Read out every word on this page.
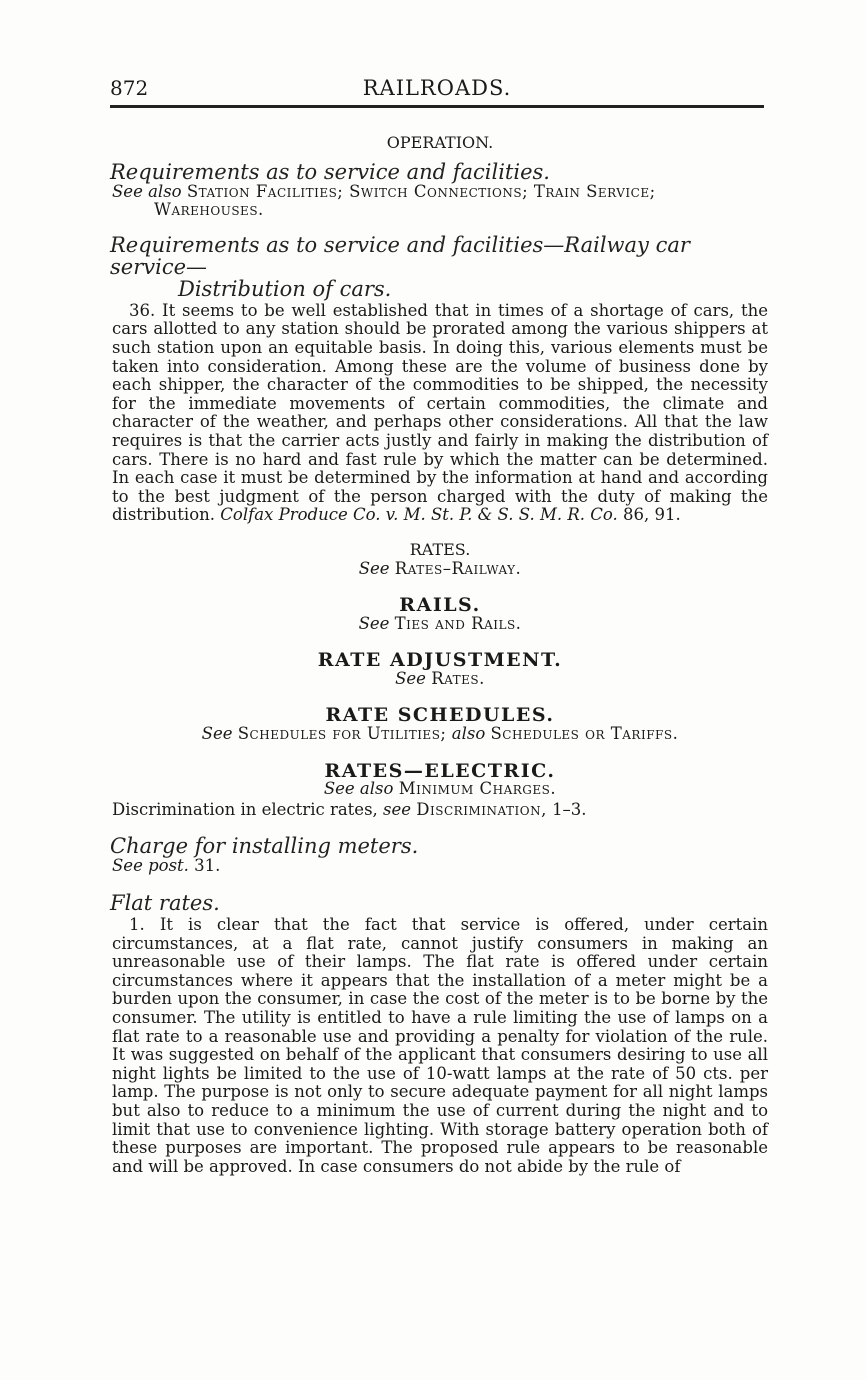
872	RAILROADS.

OPERATION.

Requirements as to service and facilities.

See also Station Facilities; Switch Connections; Train Service; Warehouses.

Requirements as to service and facilities—Railway car service—

Distribution of cars.

36. It seems to be well established that in times of a shortage of cars, the cars allotted to any station should be prorated among the various shippers at such station upon an equitable basis. In doing this, various elements must be taken into consideration. Among these are the volume of business done by each shipper, the character of the commodities to be shipped, the necessity for the immediate movements of certain commodities, the climate and character of the weather, and perhaps other considerations. All that the law requires is that the carrier acts justly and fairly in making the distribution of cars. There is no hard and fast rule by which the matter can be determined. In each case it must be determined by the information at hand and according to the best judgment of the person charged with the duty of making the distribution. Colfax Produce Co. v. M. St. P. & S. S. M. R. Co. 86, 91.

RATES.

See Rates–Railway.

RAILS.

See Ties and Rails.

RATE ADJUSTMENT.

See Rates.

RATE SCHEDULES.

See Schedules for Utilities; also Schedules or Tariffs.

RATES—ELECTRIC.

See also Minimum Charges.

Discrimination in electric rates, see Discrimination, 1–3.

Charge for installing meters.

See post. 31.

Flat rates.

1. It is clear that the fact that service is offered, under certain circumstances, at a flat rate, cannot justify consumers in making an unreasonable use of their lamps. The flat rate is offered under certain circumstances where it appears that the installation of a meter might be a burden upon the consumer, in case the cost of the meter is to be borne by the consumer. The utility is entitled to have a rule limiting the use of lamps on a flat rate to a reasonable use and providing a penalty for violation of the rule. It was suggested on behalf of the applicant that consumers desiring to use all night lights be limited to the use of 10-watt lamps at the rate of 50 cts. per lamp. The purpose is not only to secure adequate payment for all night lamps but also to reduce to a minimum the use of current during the night and to limit that use to convenience lighting. With storage battery operation both of these purposes are important. The proposed rule appears to be reasonable and will be approved. In case consumers do not abide by the rule of
